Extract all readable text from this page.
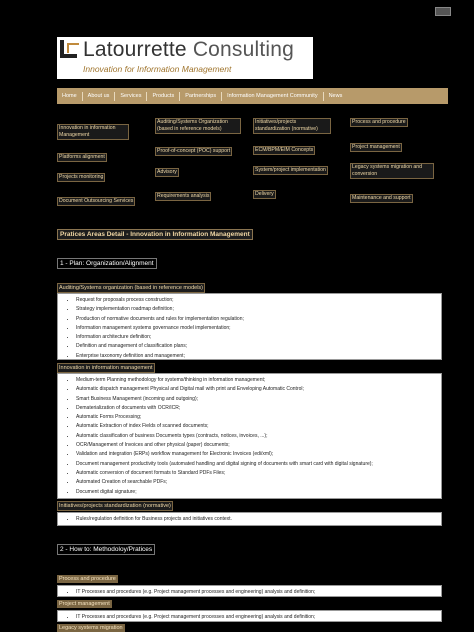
Latourrette Consulting
Innovation for Information Management
Home	About us	Services	Products	Partnerships	Information Management Community	News
Innovation in information Management
Platforms alignment
Projects monitoring
Document Outsourcing Services
Auditing/Systems Organization (based in reference models)
Proof-of-concept (POC) support
Advisory
Requirements analysis
Initiatives/projects standardization (normative)
ECM/BPM/EIM Concepts
System/project implementation
Delivery
Process and procedure
Project management
Legacy systems migration and conversion
Maintenance and support
Pratices Areas Detail - Innovation in Information Management
1 - Plan: Organization/Alignment
Auditing/Systems organization (based in reference models)
• Request for proposals process construction;
• Strategy implementation roadmap definition;
• Production of normative documents and rules for implementation regulation;
• Information management systems governance model implementation;
• Information architecture definition;
• Definition and management of classification plans;
• Enterprise taxonomy definition and management;
Innovation in information management
• Medium-term Planning methodology for systems/thinking in information management;
• Automatic dispatch management Physical and Digital mail with print and Enveloping Automatic Control;
• Smart Business Management (incoming and outgoing);
• Dematerialization of documents with OCR/ICR;
• Automatic Forms Processing;
• Automatic Extraction of index Fields of scanned documents;
• Automatic classification of business Documents types (contracts, notices, invoices, ...);
• OCR/Management of Invoices and other physical (paper) documents;
• Validation and integration (ERPs) workflow management for Electronic Invoices (edi/xml);
• Document management productivity tools (automated handling and digital signing of documents with smart card with digital signature);
• Automatic conversion of document formats to Standard PDFs Files;
• Automated Creation of searchable PDFs;
• Document digital signature;
Initiatives/projects standardization (normative)
• Rules/regulation definition for Business projects and initiatives context.
2 - How to: Methodoloy/Pratices
Process and procedure
• IT Processes and procedures (e.g. Project management processes and engineering) analysis and definition;
Project management
• IT Processes and procedures (e.g. Project management processes and engineering) analysis and definition;
Legacy systems migration
